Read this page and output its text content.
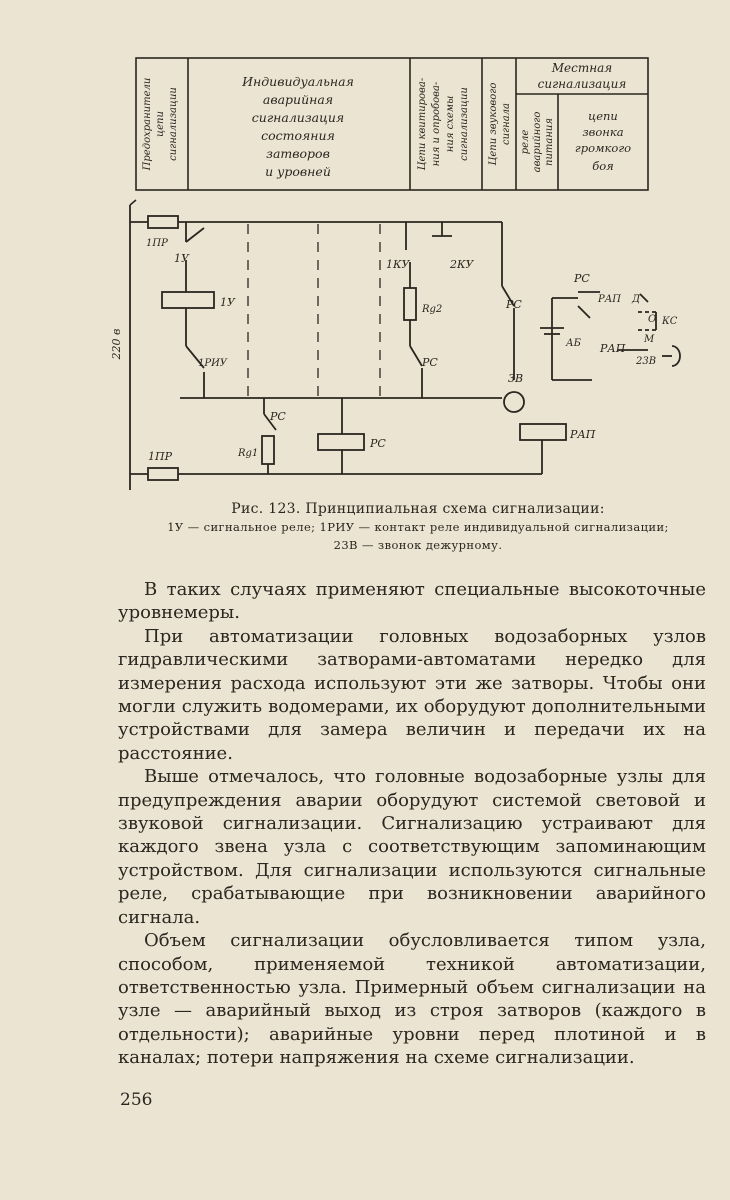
Предохранители цепи сигнализации
Индивидуальная
аварийная
сигнализация
состояния
затворов
и уровней
Цепи квитирова- ния и опробова- ния схемы сигнализации Цепи звукового сигнала
Местная
сигнализация
реле аварийного питания
цепи
звонка
громкого
боя
220 в
1ПР
1ПР
1У
1У
1РИУ
1КУ	2КУ
Rg2
РС
РС
Rg1
РС
РС
3В
РАП
РС
РАП Д
О КС
АБ РАП
М
23В
Рис. 123. Принципиальная схема сигнализации:
1У — сигнальное реле; 1РИУ — контакт реле индивидуальной сигнализации;
23В — звонок дежурному.

В таких случаях применяют специальные высокоточные уровнемеры.

При автоматизации головных водозаборных узлов гидравлическими затворами-автоматами нередко для измерения расхода используют эти же затворы. Чтобы они могли служить водомерами, их оборудуют дополнительными устройствами для замера величин и передачи их на расстояние.

Выше отмечалось, что головные водозаборные узлы для предупреждения аварии оборудуют системой световой и звуковой сигнализации. Сигнализацию устраивают для каждого звена узла с соответствующим запоминающим устройством. Для сигнализации используются сигнальные реле, срабатывающие при возникновении аварийного сигнала.

Объем сигнализации обусловливается типом узла, способом, применяемой техникой автоматизации, ответственностью узла. Примерный объем сигнализации на узле — аварийный выход из строя затворов (каждого в отдельности); аварийные уровни перед плотиной и в каналах; потери напряжения на схеме сигнализации.

256
